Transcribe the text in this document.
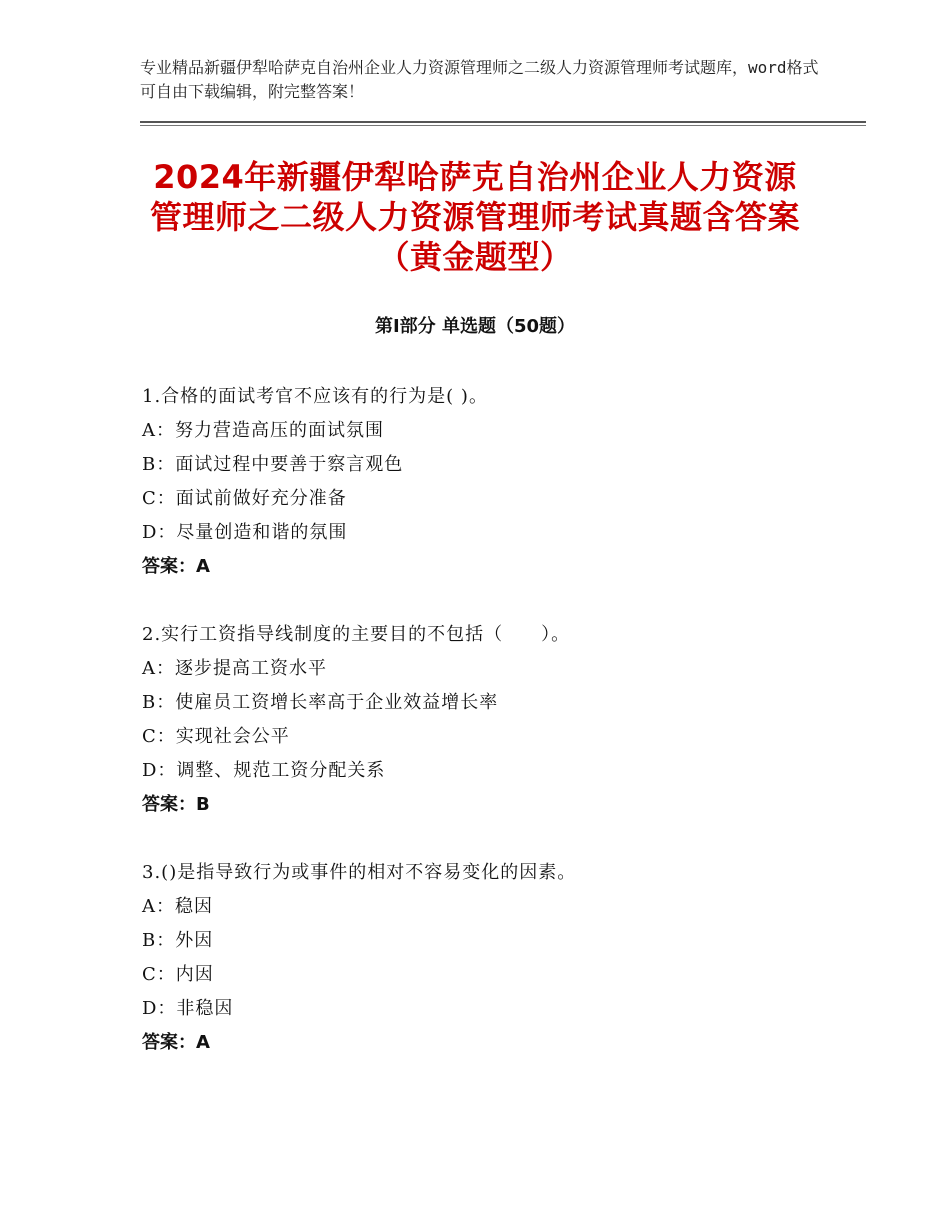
专业精品新疆伊犁哈萨克自治州企业人力资源管理师之二级人力资源管理师考试题库，word格式可自由下载编辑，附完整答案！
2024年新疆伊犁哈萨克自治州企业人力资源管理师之二级人力资源管理师考试真题含答案（黄金题型）
第Ⅰ部分 单选题（50题）
1.合格的面试考官不应该有的行为是( )。
A：努力营造高压的面试氛围
B：面试过程中要善于察言观色
C：面试前做好充分准备
D：尽量创造和谐的氛围
答案：A
2.实行工资指导线制度的主要目的不包括（　　）。
A：逐步提高工资水平
B：使雇员工资增长率高于企业效益增长率
C：实现社会公平
D：调整、规范工资分配关系
答案：B
3.()是指导致行为或事件的相对不容易变化的因素。
A：稳因
B：外因
C：内因
D：非稳因
答案：A
